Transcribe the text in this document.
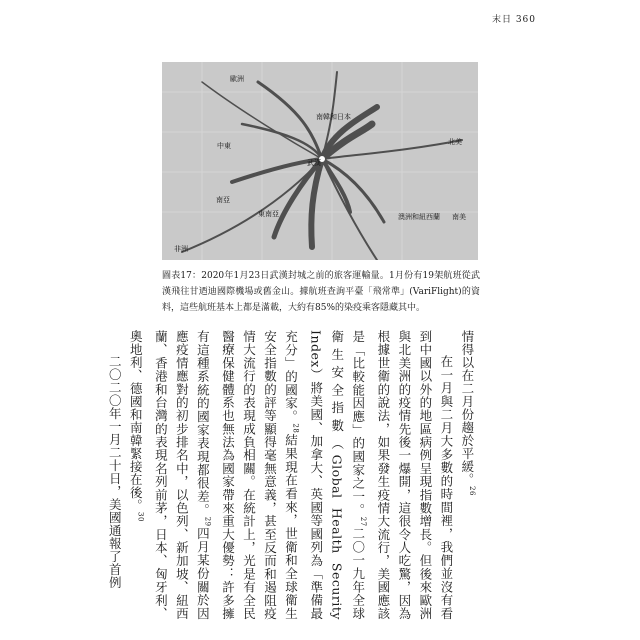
末日 360
歐洲
南韓和日本
中東
武漢
北美
南亞
東南亞	澳洲和紐西蘭 南美
非洲
圖表17：2020年1月23日武漢封城之前的旅客運輸量。1月份有19架航班從武漢飛往甘迺迪國際機場或舊金山。據航班查詢平臺「飛常準」(VariFlight)的資料，這些航班基本上都是滿載，大約有85%的染疫乘客隱藏其中。

情得以在二月份趨於平緩。$^{26}$

在一月與二月大多數的時間裡，我們並沒有看到中國以外的地區病例呈現指數增長。但後來歐洲與北美洲的疫情先後一爆開，這很令人吃驚，因為根據世衛的說法，如果發生疫情大流行，美國應該是「比較能因應」的國家之一。$^{27}$二〇一九年全球衛生安全指數（Global Health Security Index）將美國、加拿大、英國等國列為「準備最充分」的國家。$^{28}$結果現在看來，世衛和全球衛生安全指數的評等顯得毫無意義，甚至反而和遏阻疫情大流行的表現成負相關。在統計上，光是有全民醫療保健體系也無法為國家帶來重大優勢：許多擁有這種系統的國家表現都很差。$^{29}$四月某份關於因應疫情應對的初步排名中，以色列、新加坡、紐西蘭、香港和台灣的表現名列前茅，日本、匈牙利、奧地利、德國和南韓緊接在後。$^{30}$

二〇二〇年一月二十日，美國通報了首例
